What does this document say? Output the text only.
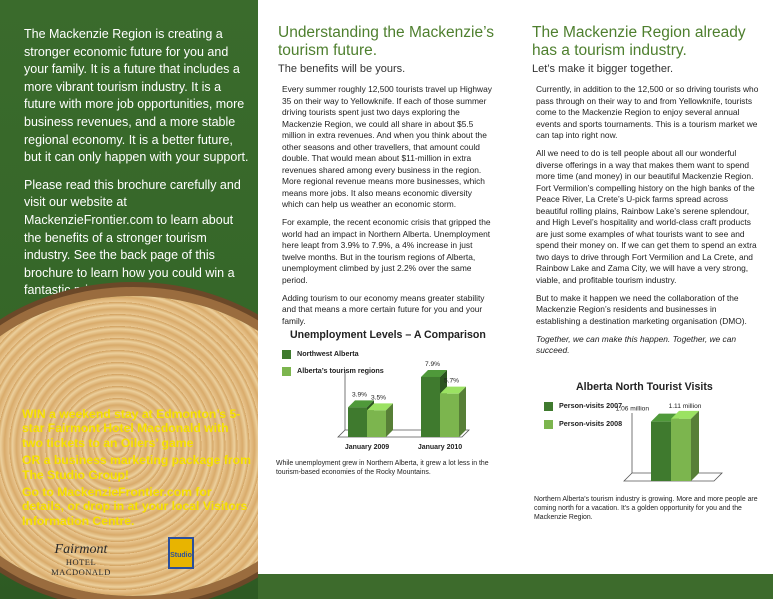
The Mackenzie Region is creating a stronger economic future for you and your family. It is a future that includes a more vibrant tourism industry. It is a future with more job opportunities, more business revenues, and a more stable regional economy. It is a better future, but it can only happen with your support.

Please read this brochure carefully and visit our website at MackenzieFrontier.com to learn about the benefits of a stronger tourism industry. See the back page of this brochure to learn how you could win a fantastic prize pack!

WIN a weekend stay at Edmonton’s 5-star Fairmont Hotel Macdonald with two tickets to an Oilers’ game

OR a business marketing package from The Studio Group!

Go to MackenzieFrontier.com for details, or drop in at your local Visitors Information Centre.

Fairmont
HOTEL MACDONALD
Studio
Understanding the Mackenzie’s tourism future.
The benefits will be yours.

Every summer roughly 12,500 tourists travel up Highway 35 on their way to Yellowknife. If each of those summer driving tourists spent just two days exploring the Mackenzie Region, we could all share in about $5.5 million in extra revenues. And when you think about the other seasons and other travellers, that amount could double. That would mean about $11-million in extra revenues shared among every business in the region. More regional revenue means more businesses, which means more jobs. It also means economic diversity which can help us weather an economic storm.

For example, the recent economic crisis that gripped the world had an impact in Northern Alberta. Unemployment here leapt from 3.9% to 7.9%, a 4% increase in just twelve months. But in the tourism regions of Alberta, unemployment climbed by just 2.2% over the same period.

Adding tourism to our economy means greater stability and that means a more certain future for you and your family.

Unemployment Levels – A Comparison
Northwest Alberta
Alberta’s tourism regions
3.9% 3.5%
January 2009
7.9%
5.7%
January 2010
While unemployment grew in Northern Alberta, it grew a lot less in the tourism-based economies of the Rocky Mountains.
The Mackenzie Region already has a tourism industry.
Let’s make it bigger together.

Currently, in addition to the 12,500 or so driving tourists who pass through on their way to and from Yellowknife, tourists come to the Mackenzie Region to enjoy several annual events and sports tournaments. This is a tourism market we can tap into right now.

All we need to do is tell people about all our wonderful diverse offerings in a way that makes them want to spend more time (and money) in our beautiful Mackenzie Region. Fort Vermilion’s compelling history on the high banks of the Peace River, La Crete’s U-pick farms spread across beautiful rolling plains, Rainbow Lake’s serene splendour, and High Level’s hospitality and world-class craft products are just some examples of what tourists want to see and spend their money on. If we can get them to spend an extra two days to drive through Fort Vermilion and La Crete, and Rainbow Lake and Zama City, we will have a very strong, viable, and profitable tourism industry.

But to make it happen we need the collaboration of the Mackenzie Region’s residents and businesses in establishing a destination marketing organisation (DMO).

Together, we can make this happen. Together, we can succeed.

Alberta North Tourist Visits
Person-visits 2007
Person-visits 2008
1.06 million	1.11 million
Northern Alberta’s tourism industry is growing. More and more people are coming north for a vacation. It’s a golden opportunity for you and the Mackenzie Region.
